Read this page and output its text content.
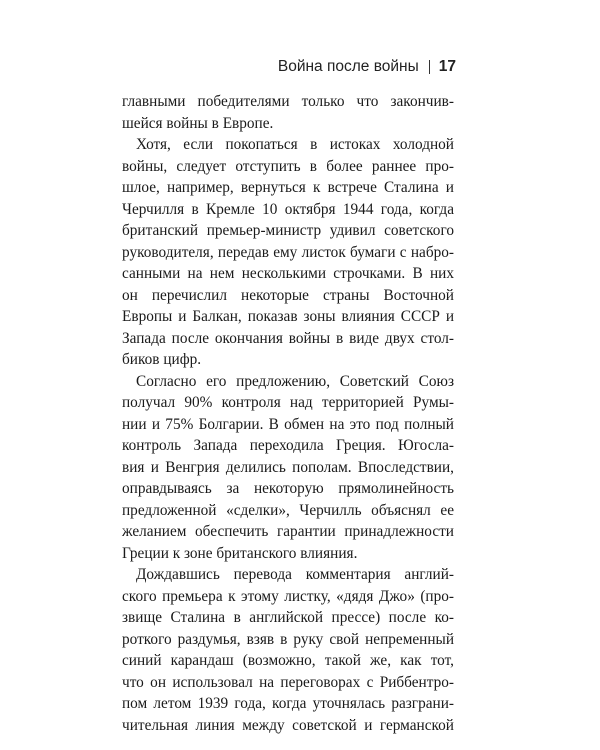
Война после войны 17
главными победителями только что закончив-
шейся войны в Европе.
Хотя, если покопаться в истоках холодной
войны, следует отступить в более раннее про-
шлое, например, вернуться к встрече Сталина и
Черчилля в Кремле 10 октября 1944 года, когда
британский премьер-министр удивил советского
руководителя, передав ему листок бумаги с набро-
санными на нем несколькими строчками. В них
он перечислил некоторые страны Восточной
Европы и Балкан, показав зоны влияния СССР и
Запада после окончания войны в виде двух стол-
биков цифр.
Согласно его предложению, Советский Союз
получал 90% контроля над территорией Румы-
нии и 75% Болгарии. В обмен на это под полный
контроль Запада переходила Греция. Югосла-
вия и Венгрия делились пополам. Впоследствии,
оправдываясь за некоторую прямолинейность
предложенной «сделки», Черчилль объяснял ее
желанием обеспечить гарантии принадлежности
Греции к зоне британского влияния.
Дождавшись перевода комментария англий-
ского премьера к этому листку, «дядя Джо» (про-
звище Сталина в английской прессе) после ко-
роткого раздумья, взяв в руку свой непременный
синий карандаш (возможно, такой же, как тот,
что он использовал на переговорах с Риббентро-
пом летом 1939 года, когда уточнялась разграни-
чительная линия между советской и германской
